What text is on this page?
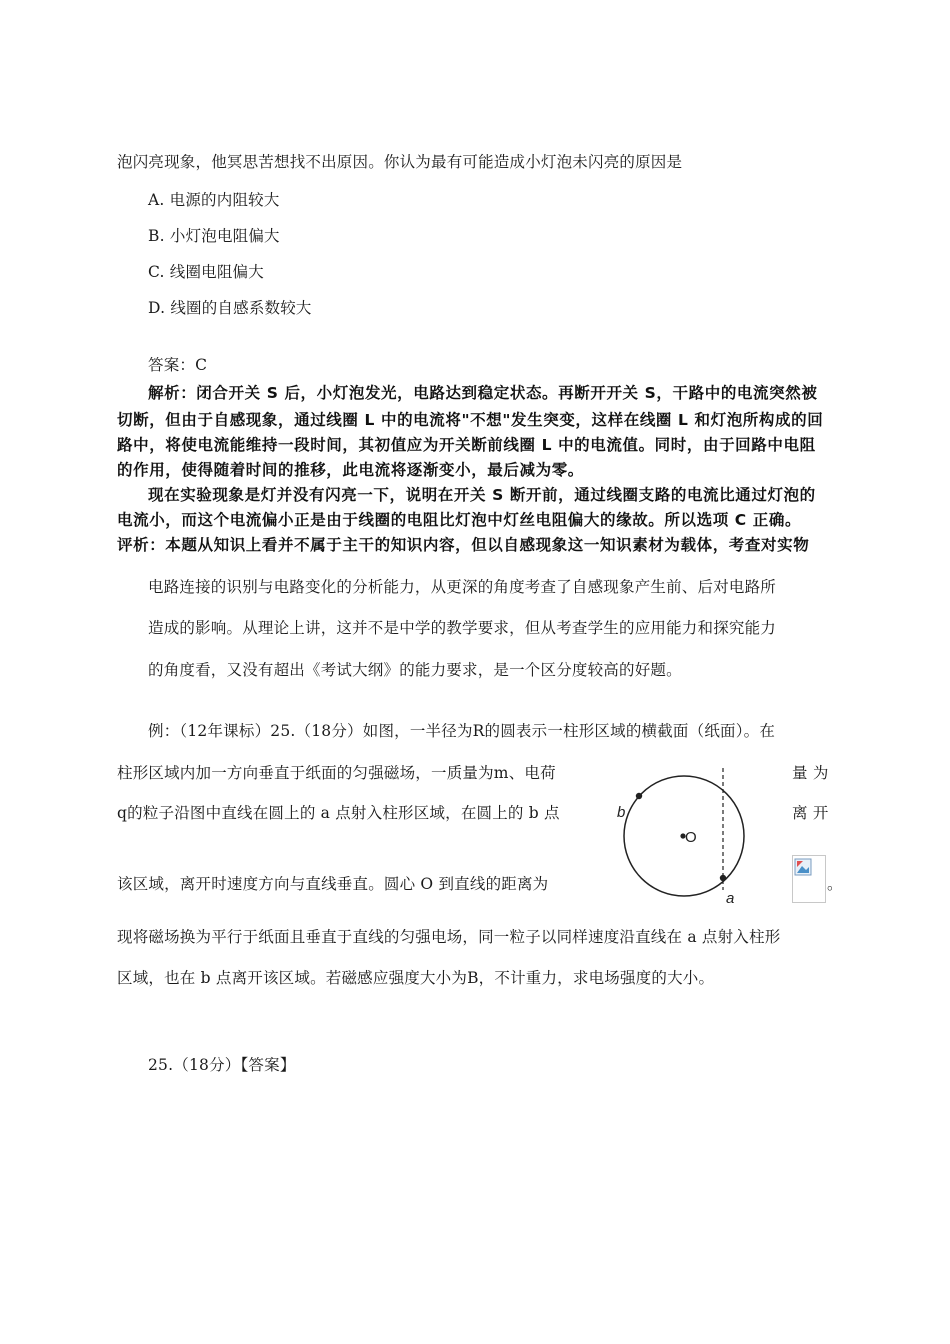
泡闪亮现象，他冥思苦想找不出原因。你认为最有可能造成小灯泡未闪亮的原因是
A. 电源的内阻较大
B. 小灯泡电阻偏大
C. 线圈电阻偏大
D. 线圈的自感系数较大
答案：C
解析：闭合开关 S 后，小灯泡发光，电路达到稳定状态。再断开开关 S，干路中的电流突然被
切断，但由于自感现象，通过线圈 L 中的电流将"不想"发生突变，这样在线圈 L 和灯泡所构成的回
路中，将使电流能维持一段时间，其初值应为开关断前线圈 L 中的电流值。同时，由于回路中电阻
的作用，使得随着时间的推移，此电流将逐渐变小，最后减为零。
现在实验现象是灯并没有闪亮一下，说明在开关 S 断开前，通过线圈支路的电流比通过灯泡的
电流小，而这个电流偏小正是由于线圈的电阻比灯泡中灯丝电阻偏大的缘故。所以选项 C 正确。
评析：本题从知识上看并不属于主干的知识内容，但以自感现象这一知识素材为载体，考查对实物
电路连接的识别与电路变化的分析能力，从更深的角度考查了自感现象产生前、后对电路所
造成的影响。从理论上讲，这并不是中学的教学要求，但从考查学生的应用能力和探究能力
的角度看，又没有超出《考试大纲》的能力要求，是一个区分度较高的好题。
例：（12年课标）25.（18分）如图，一半径为R的圆表示一柱形区域的横截面（纸面）。在
柱形区域内加一方向垂直于纸面的匀强磁场，一质量为m、电荷	量 为
q的粒子沿图中直线在圆上的 a 点射入柱形区域，在圆上的 b 点	离 开
该区域，离开时速度方向与直线垂直。圆心 O 到直线的距离为	。
现将磁场换为平行于纸面且垂直于直线的匀强电场，同一粒子以同样速度沿直线在 a 点射入柱形
区域，也在 b 点离开该区域。若磁感应强度大小为B，不计重力，求电场强度的大小。
b
O
a
25.（18分）【答案】
